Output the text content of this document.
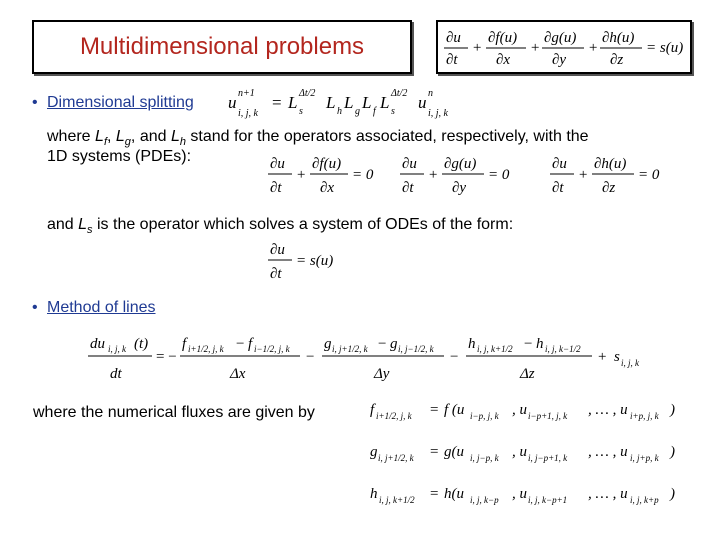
Multidimensional problems	∂u
∂t
+
∂f(u)
∂x
+
∂g(u)
∂y
+
∂h(u)
∂z
= s(u)
• Dimensional splitting u n+1
i, j, k
= L Δt/2
s L h L g L f L Δt/2
s u n
i, j, k
where $L_f$, $L_g$, and $L_h$ stand for the operators associated, respectively, with the
1D systems (PDEs):	∂u
∂t
+
∂f(u)
∂x
= 0
∂u
∂t
+
∂g(u)
∂y
= 0
∂u
∂t
+
∂h(u)
∂z
= 0
and $L_s$ is the operator which solves a system of ODEs of the form:
∂u
∂t
= s(u)
• Method of lines
du i, j, k (t)
dt
= −
f i+1/2, j, k − f i−1/2, j, k
Δx
−
g i, j+1/2, k − g i, j−1/2, k
Δy
−
h i, j, k+1/2 − h i, j, k−1/2
Δz
+ s i, j, k
where the numerical fluxes are given by	f i+1/2, j, k = f (u i−p, j, k , u i−p+1, j, k , … , u i+p, j, k )
g i, j+1/2, k = g(u i, j−p, k , u i, j−p+1, k , … , u i, j+p, k )
h i, j, k+1/2 = h(u i, j, k−p , u i, j, k−p+1 , … , u i, j, k+p )
